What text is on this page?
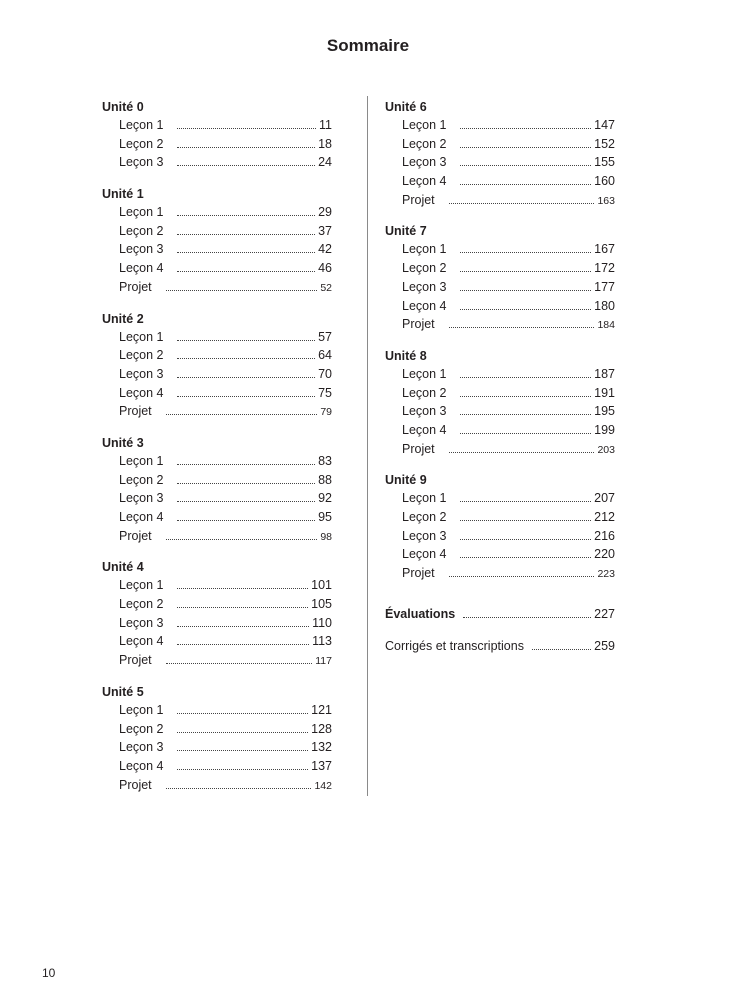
Sommaire
Unité 0
Leçon 1	11
Leçon 2	18
Leçon 3	24
Unité 1
Leçon 1	29
Leçon 2	37
Leçon 3	42
Leçon 4	46
Projet	52
Unité 2
Leçon 1	57
Leçon 2	64
Leçon 3	70
Leçon 4	75
Projet	79
Unité 3
Leçon 1	83
Leçon 2	88
Leçon 3	92
Leçon 4	95
Projet	98
Unité 4
Leçon 1	101
Leçon 2	105
Leçon 3	110
Leçon 4	113
Projet	117
Unité 5
Leçon 1	121
Leçon 2	128
Leçon 3	132
Leçon 4	137
Projet	142
Unité 6
Leçon 1	147
Leçon 2	152
Leçon 3	155
Leçon 4	160
Projet	163
Unité 7
Leçon 1	167
Leçon 2	172
Leçon 3	177
Leçon 4	180
Projet	184
Unité 8
Leçon 1	187
Leçon 2	191
Leçon 3	195
Leçon 4	199
Projet	203
Unité 9
Leçon 1	207
Leçon 2	212
Leçon 3	216
Leçon 4	220
Projet	223
Évaluations	227
Corrigés et transcriptions	259
10
